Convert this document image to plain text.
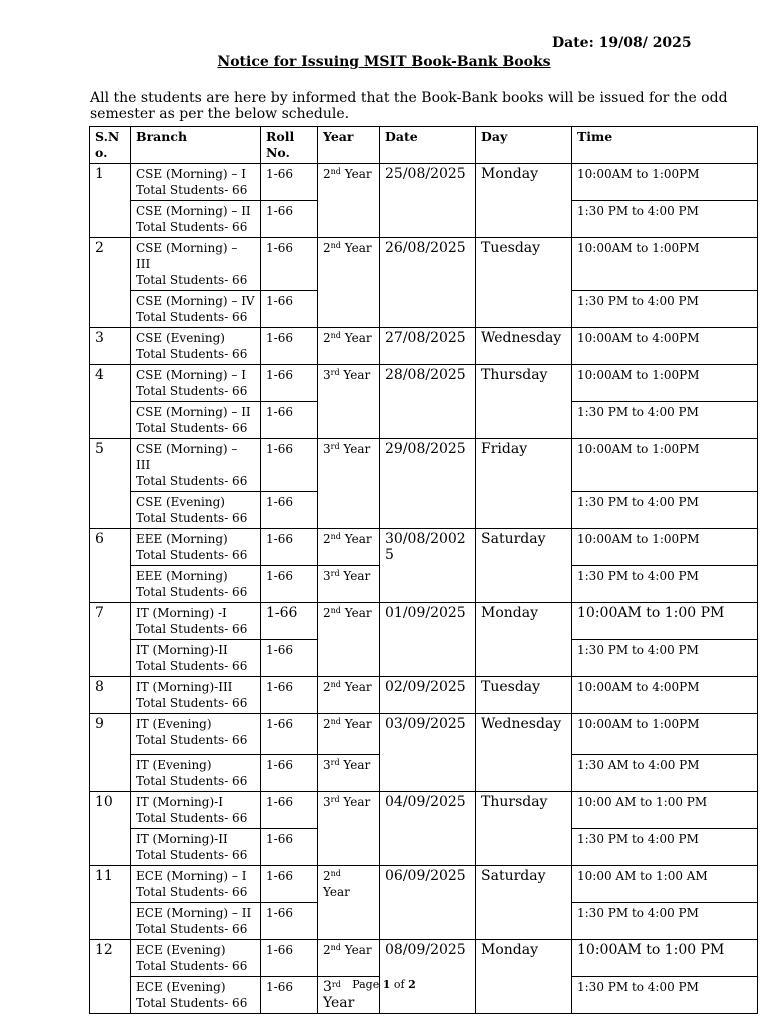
Date: 19/08/ 2025
Notice for Issuing MSIT Book-Bank Books
All the students are here by informed that the Book-Bank books will be issued for the odd semester as per the below schedule.
S.N o.	Branch	Roll No.	Year	Date	Day	Time
1	CSE (Morning) – I
Total Students- 66	1-66	2nd Year	25/08/2025	Monday	10:00AM to 1:00PM
	CSE (Morning) – II
Total Students- 66	1-66				1:30 PM to 4:00 PM
2	CSE (Morning) – III
Total Students- 66	1-66	2nd Year	26/08/2025	Tuesday	10:00AM to 1:00PM
	CSE (Morning) – IV
Total Students- 66	1-66				1:30 PM to 4:00 PM
3	CSE (Evening)
Total Students- 66	1-66	2nd Year	27/08/2025	Wednesday	10:00AM to 4:00PM
4	CSE (Morning) – I
Total Students- 66	1-66	3rd Year	28/08/2025	Thursday	10:00AM to 1:00PM
	CSE (Morning) – II
Total Students- 66	1-66				1:30 PM to 4:00 PM
5	CSE (Morning) – III
Total Students- 66	1-66	3rd Year	29/08/2025	Friday	10:00AM to 1:00PM
	CSE (Evening)
Total Students- 66	1-66				1:30 PM to 4:00 PM
6	EEE (Morning)
Total Students- 66	1-66	2nd Year	30/08/2002 5	Saturday	10:00AM to 1:00PM
	EEE (Morning)
Total Students- 66	1-66	3rd Year			1:30 PM to 4:00 PM
7	IT (Morning) -I
Total Students- 66	1-66	2nd Year	01/09/2025	Monday	10:00AM to 1:00 PM
	IT (Morning)-II
Total Students- 66	1-66				1:30 PM to 4:00 PM
8	IT (Morning)-III
Total Students- 66	1-66	2nd Year	02/09/2025	Tuesday	10:00AM to 4:00PM
9	IT (Evening)
Total Students- 66	1-66	2nd Year	03/09/2025	Wednesday	10:00AM to 1:00PM
	IT (Evening)
Total Students- 66	1-66	3rd Year			1:30 AM to 4:00 PM
10	IT (Morning)-I
Total Students- 66	1-66	3rd Year	04/09/2025	Thursday	10:00 AM to 1:00 PM
	IT (Morning)-II
Total Students- 66	1-66				1:30 PM to 4:00 PM
11	ECE (Morning) – I
Total Students- 66	1-66	2nd
Year	06/09/2025	Saturday	10:00 AM to 1:00 AM
	ECE (Morning) – II
Total Students- 66	1-66				1:30 PM to 4:00 PM
12	ECE (Evening)
Total Students- 66	1-66	2nd Year	08/09/2025	Monday	10:00AM to 1:00 PM
	ECE (Evening)
Total Students- 66	1-66	3rd
Year			1:30 PM to 4:00 PM
Page 1 of 2
